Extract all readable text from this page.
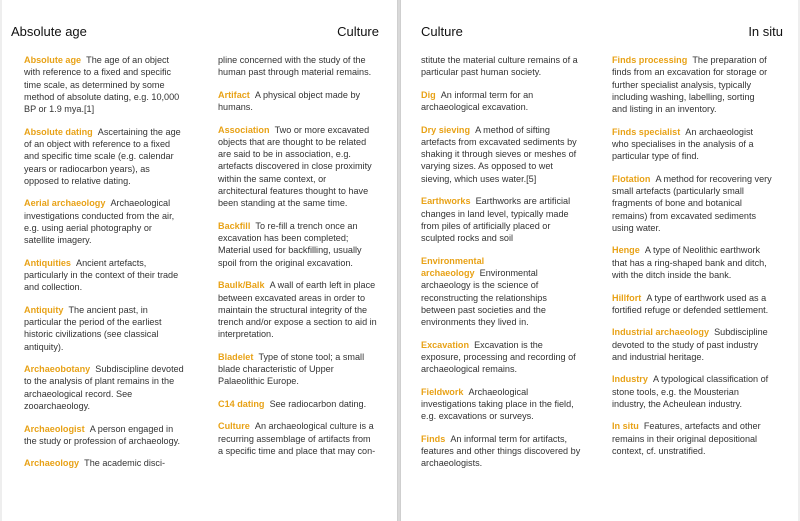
Absolute age	Culture
Absolute age The age of an object with reference to a fixed and specific time scale, as determined by some method of absolute dating, e.g. 10,000 BP or 1.9 mya.[1]
Absolute dating Ascertaining the age of an object with reference to a fixed and specific time scale (e.g. calendar years or radiocarbon years), as opposed to relative dating.
Aerial archaeology Archaeological investigations conducted from the air, e.g. using aerial photography or satellite imagery.
Antiquities Ancient artefacts, particularly in the context of their trade and collection.
Antiquity The ancient past, in particular the period of the earliest historic civilizations (see classical antiquity).
Archaeobotany Subdiscipline devoted to the analysis of plant remains in the archaeological record. See zooarchaeology.
Archaeologist A person engaged in the study or profession of archaeology.
Archaeology The academic disci-
pline concerned with the study of the human past through material remains.
Artifact A physical object made by humans.
Association Two or more excavated objects that are thought to be related are said to be in association, e.g. artefacts discovered in close proximity within the same context, or architectural features thought to have been standing at the same time.
Backfill To re-fill a trench once an excavation has been completed; Material used for backfilling, usually spoil from the original excavation.
Baulk/Balk A wall of earth left in place between excavated areas in order to maintain the structural integrity of the trench and/or expose a section to aid in interpretation.
Bladelet Type of stone tool; a small blade characteristic of Upper Palaeolithic Europe.
C14 dating See radiocarbon dating.
Culture An archaeological culture is a recurring assemblage of artifacts from a specific time and place that may con-
Culture	In situ
stitute the material culture remains of a particular past human society.
Dig An informal term for an archaeological excavation.
Dry sieving A method of sifting artefacts from excavated sediments by shaking it through sieves or meshes of varying sizes. As opposed to wet sieving, which uses water.[5]
Earthworks Earthworks are artificial changes in land level, typically made from piles of artificially placed or sculpted rocks and soil
Environmental archaeology Environmental archaeology is the science of reconstructing the relationships between past societies and the environments they lived in.
Excavation Excavation is the exposure, processing and recording of archaeological remains.
Fieldwork Archaeological investigations taking place in the field, e.g. excavations or surveys.
Finds An informal term for artifacts, features and other things discovered by archaeologists.
Finds processing The preparation of finds from an excavation for storage or further specialist analysis, typically including washing, labelling, sorting and listing in an inventory.
Finds specialist An archaeologist who specialises in the analysis of a particular type of find.
Flotation A method for recovering very small artefacts (particularly small fragments of bone and botanical remains) from excavated sediments using water.
Henge A type of Neolithic earthwork that has a ring-shaped bank and ditch, with the ditch inside the bank.
Hillfort A type of earthwork used as a fortified refuge or defended settlement.
Industrial archaeology Subdiscipline devoted to the study of past industry and industrial heritage.
Industry A typological classification of stone tools, e.g. the Mousterian industry, the Acheulean industry.
In situ Features, artefacts and other remains in their original depositional context, cf. unstratified.
